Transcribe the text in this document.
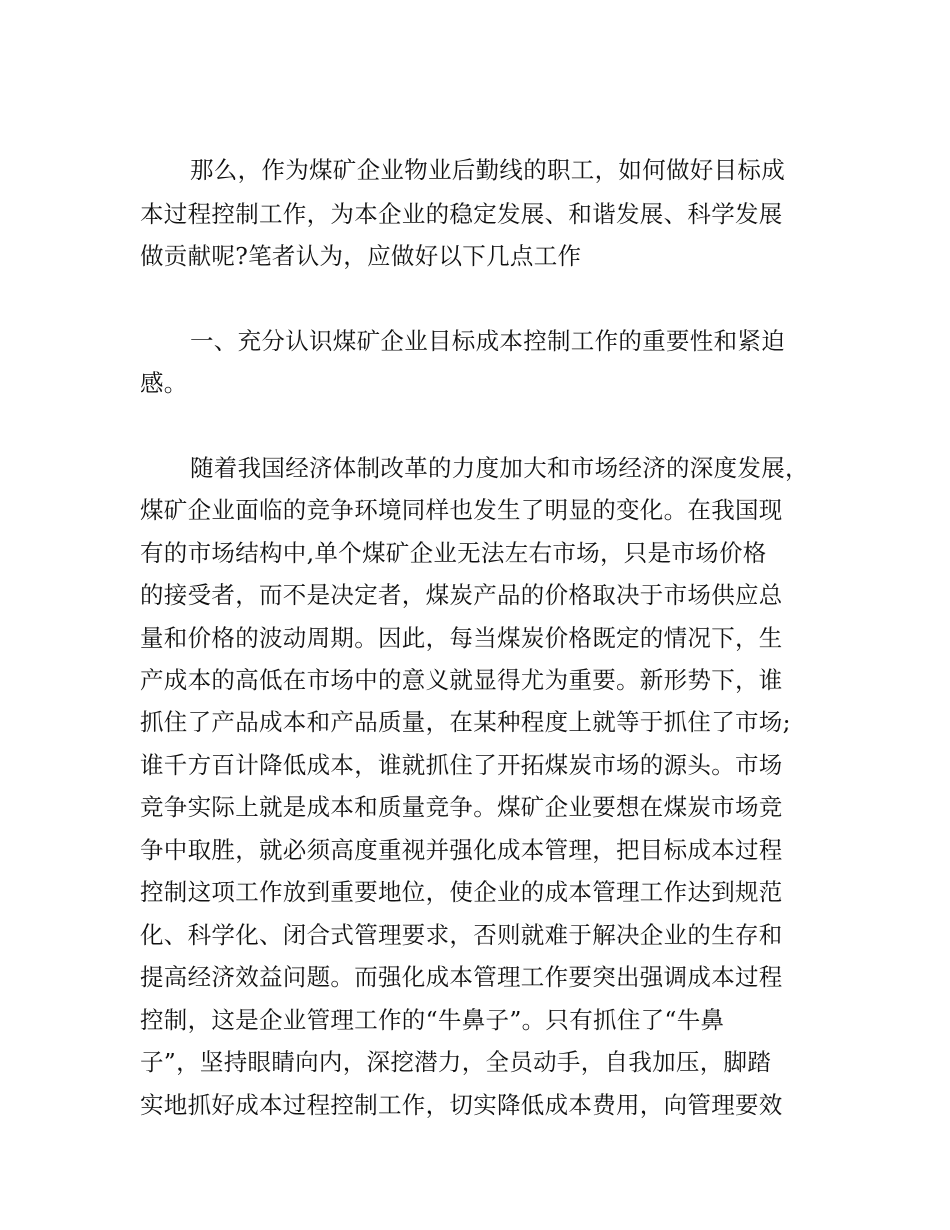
那么，作为煤矿企业物业后勤线的职工，如何做好目标成

本过程控制工作，为本企业的稳定发展、和谐发展、科学发展

做贡献呢?笔者认为，应做好以下几点工作

一、充分认识煤矿企业目标成本控制工作的重要性和紧迫

感。

随着我国经济体制改革的力度加大和市场经济的深度发展，

煤矿企业面临的竞争环境同样也发生了明显的变化。在我国现

有的市场结构中,单个煤矿企业无法左右市场，只是市场价格

的接受者，而不是决定者，煤炭产品的价格取决于市场供应总

量和价格的波动周期。因此，每当煤炭价格既定的情况下，生

产成本的高低在市场中的意义就显得尤为重要。新形势下，谁

抓住了产品成本和产品质量，在某种程度上就等于抓住了市场;

谁千方百计降低成本，谁就抓住了开拓煤炭市场的源头。市场

竞争实际上就是成本和质量竞争。煤矿企业要想在煤炭市场竞

争中取胜，就必须高度重视并强化成本管理，把目标成本过程

控制这项工作放到重要地位，使企业的成本管理工作达到规范

化、科学化、闭合式管理要求，否则就难于解决企业的生存和

提高经济效益问题。而强化成本管理工作要突出强调成本过程

控制，这是企业管理工作的“牛鼻子”。只有抓住了“牛鼻

子”，坚持眼睛向内，深挖潜力，全员动手，自我加压，脚踏

实地抓好成本过程控制工作，切实降低成本费用，向管理要效
